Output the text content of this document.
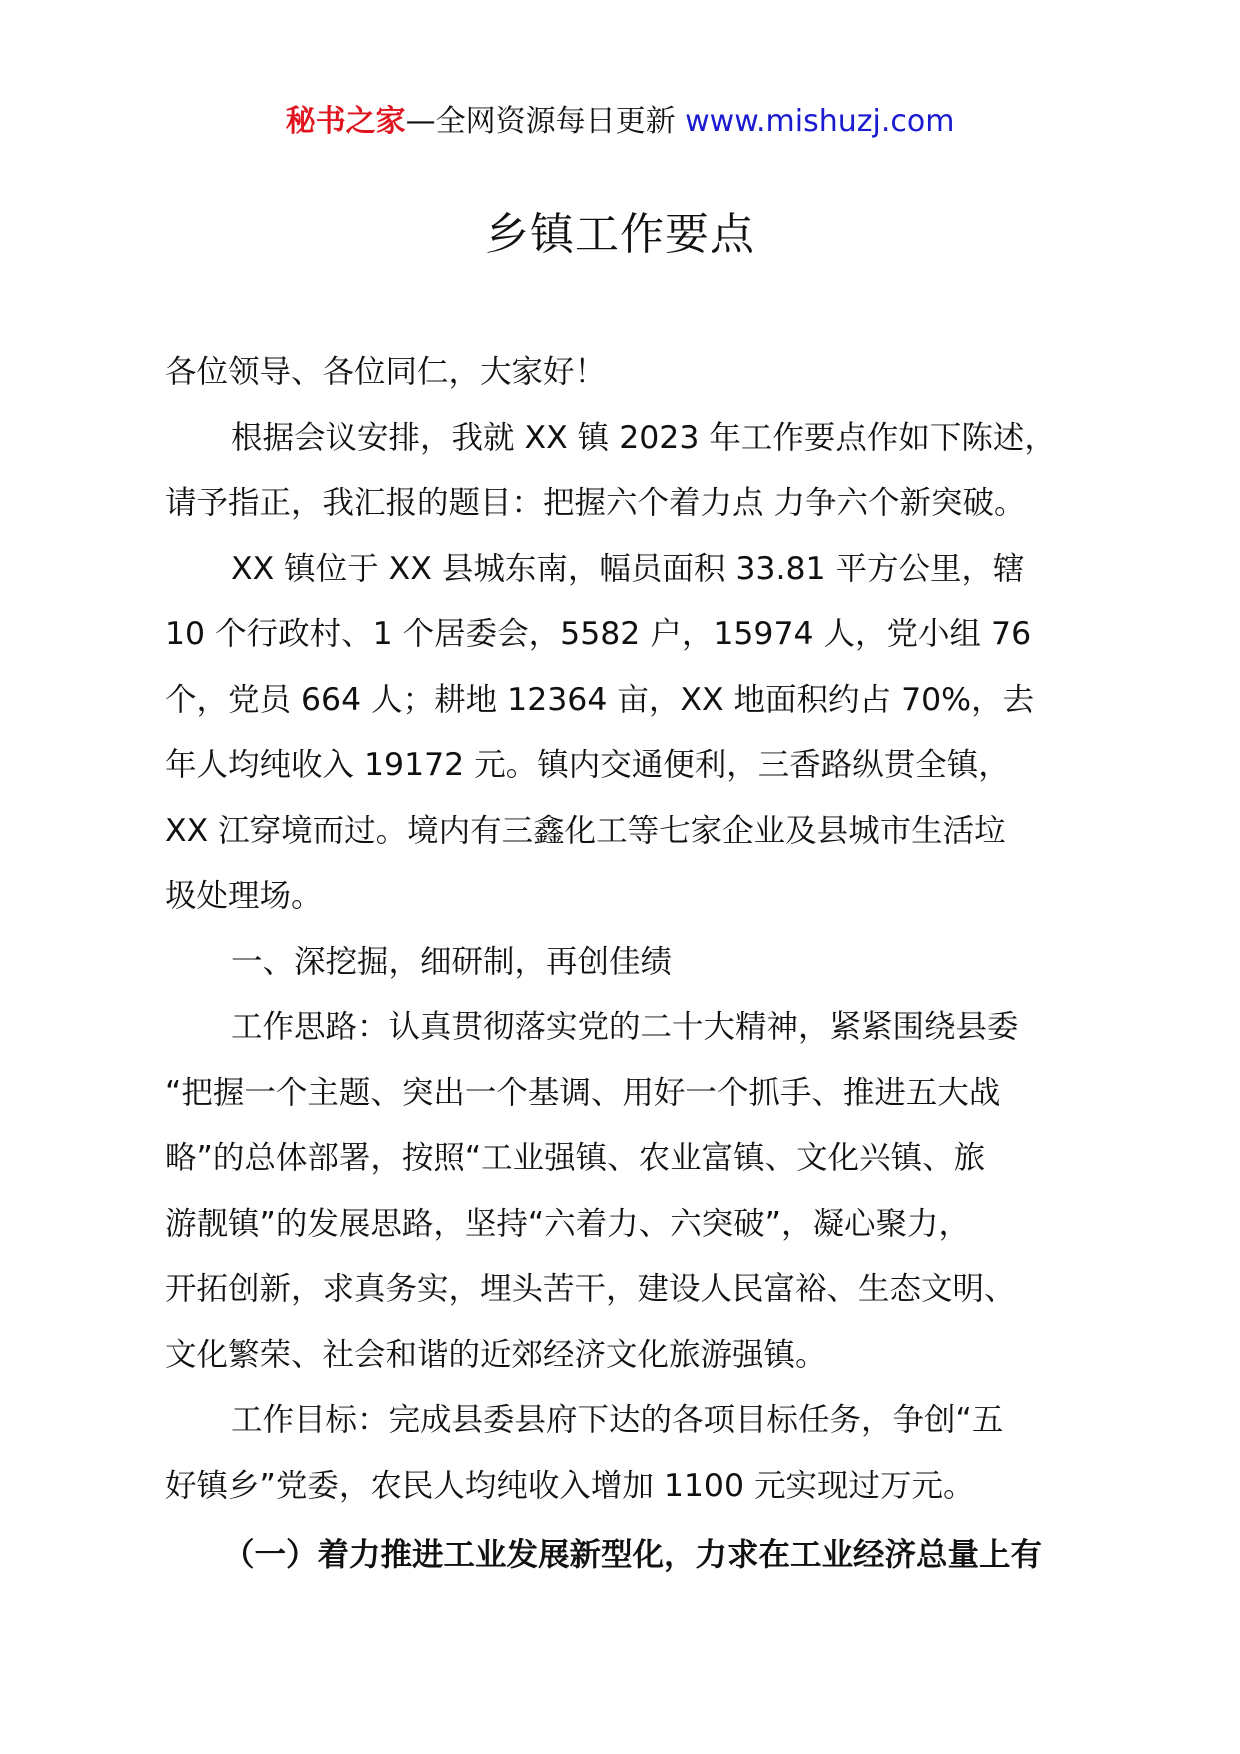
秘书之家—全网资源每日更新 www.mishuzj.com
乡镇工作要点

各位领导、各位同仁，大家好！

根据会议安排，我就 XX 镇 2023 年工作要点作如下陈述，

请予指正，我汇报的题目：把握六个着力点 力争六个新突破。

XX 镇位于 XX 县城东南，幅员面积 33.81 平方公里，辖

10 个行政村、1 个居委会，5582 户，15974 人，党小组 76

个，党员 664 人；耕地 12364 亩，XX 地面积约占 70%，去

年人均纯收入 19172 元。镇内交通便利，三香路纵贯全镇，

XX 江穿境而过。境内有三鑫化工等七家企业及县城市生活垃

圾处理场。

一、深挖掘，细研制，再创佳绩

工作思路：认真贯彻落实党的二十大精神，紧紧围绕县委

“把握一个主题、突出一个基调、用好一个抓手、推进五大战

略”的总体部署，按照“工业强镇、农业富镇、文化兴镇、旅

游靓镇”的发展思路，坚持“六着力、六突破”，凝心聚力，

开拓创新，求真务实，埋头苦干，建设人民富裕、生态文明、

文化繁荣、社会和谐的近郊经济文化旅游强镇。

工作目标：完成县委县府下达的各项目标任务，争创“五

好镇乡”党委，农民人均纯收入增加 1100 元实现过万元。

（一）着力推进工业发展新型化，力求在工业经济总量上有
